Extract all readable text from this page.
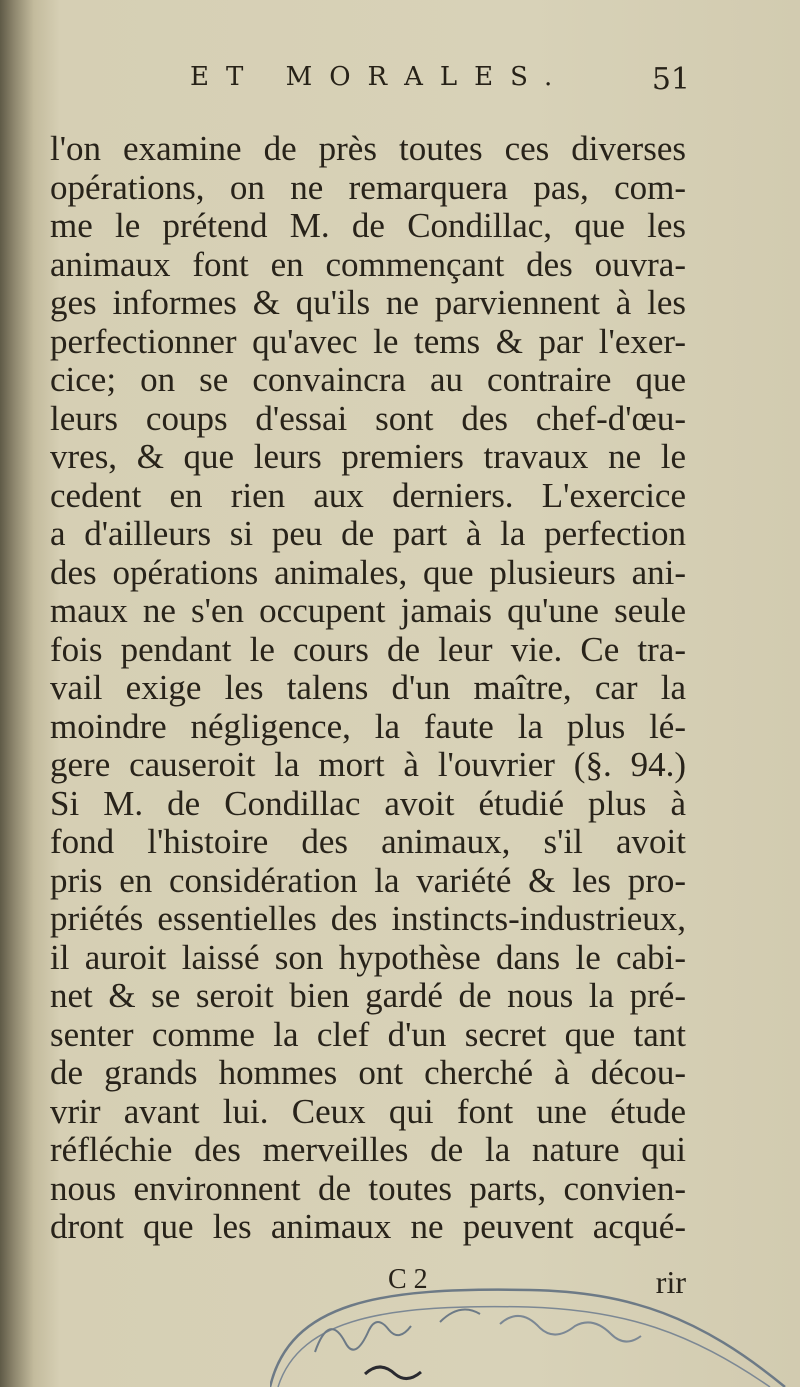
ET MORALES.	51
l'on examine de près toutes ces diverses
opérations, on ne remarquera pas, com-
me le prétend M. de Condillac, que les
animaux font en commençant des ouvra-
ges informes & qu'ils ne parviennent à les
perfectionner qu'avec le tems & par l'exer-
cice; on se convaincra au contraire que
leurs coups d'essai sont des chef-d'œu-
vres, & que leurs premiers travaux ne le
cedent en rien aux derniers. L'exercice
a d'ailleurs si peu de part à la perfection
des opérations animales, que plusieurs ani-
maux ne s'en occupent jamais qu'une seule
fois pendant le cours de leur vie. Ce tra-
vail exige les talens d'un maître, car la
moindre négligence, la faute la plus lé-
gere causeroit la mort à l'ouvrier (§. 94.)
Si M. de Condillac avoit étudié plus à
fond l'histoire des animaux, s'il avoit
pris en considération la variété & les pro-
priétés essentielles des instincts-industrieux,
il auroit laissé son hypothèse dans le cabi-
net & se seroit bien gardé de nous la pré-
senter comme la clef d'un secret que tant
de grands hommes ont cherché à décou-
vrir avant lui. Ceux qui font une étude
réfléchie des merveilles de la nature qui
nous environnent de toutes parts, convien-
dront que les animaux ne peuvent acqué-
C 2	rir
